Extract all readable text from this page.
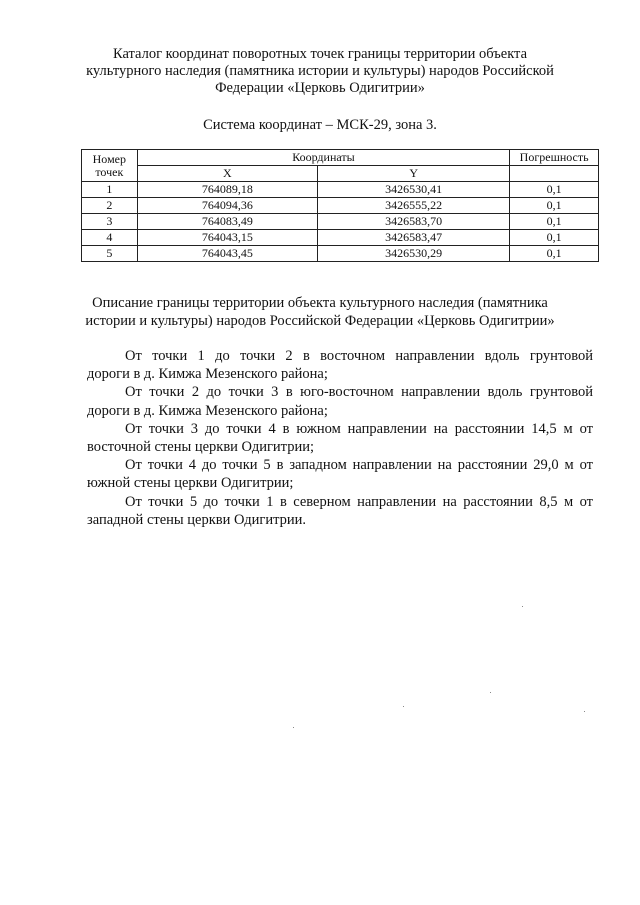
Каталог координат поворотных точек границы территории объекта
культурного наследия (памятника истории и культуры) народов Российской
Федерации «Церковь Одигитрии»
Система координат – МСК-29, зона 3.
Номер
точек	Координаты		Погрешность
	X	Y	
1	764089,18	3426530,41	0,1
2	764094,36	3426555,22	0,1
3	764083,49	3426583,70	0,1
4	764043,15	3426583,47	0,1
5	764043,45	3426530,29	0,1
Описание границы территории объекта культурного наследия (памятника
истории и культуры) народов Российской Федерации «Церковь Одигитрии»

От точки 1 до точки 2 в восточном направлении вдоль грунтовой
дороги в д. Кимжа Мезенского района;

От точки 2 до точки 3 в юго-восточном направлении вдоль грунтовой
дороги в д. Кимжа Мезенского района;

От точки 3 до точки 4 в южном направлении на расстоянии 14,5 м от
восточной стены церкви Одигитрии;

От точки 4 до точки 5 в западном направлении на расстоянии 29,0 м от
южной стены церкви Одигитрии;

От точки 5 до точки 1 в северном направлении на расстоянии 8,5 м от
западной стены церкви Одигитрии.
